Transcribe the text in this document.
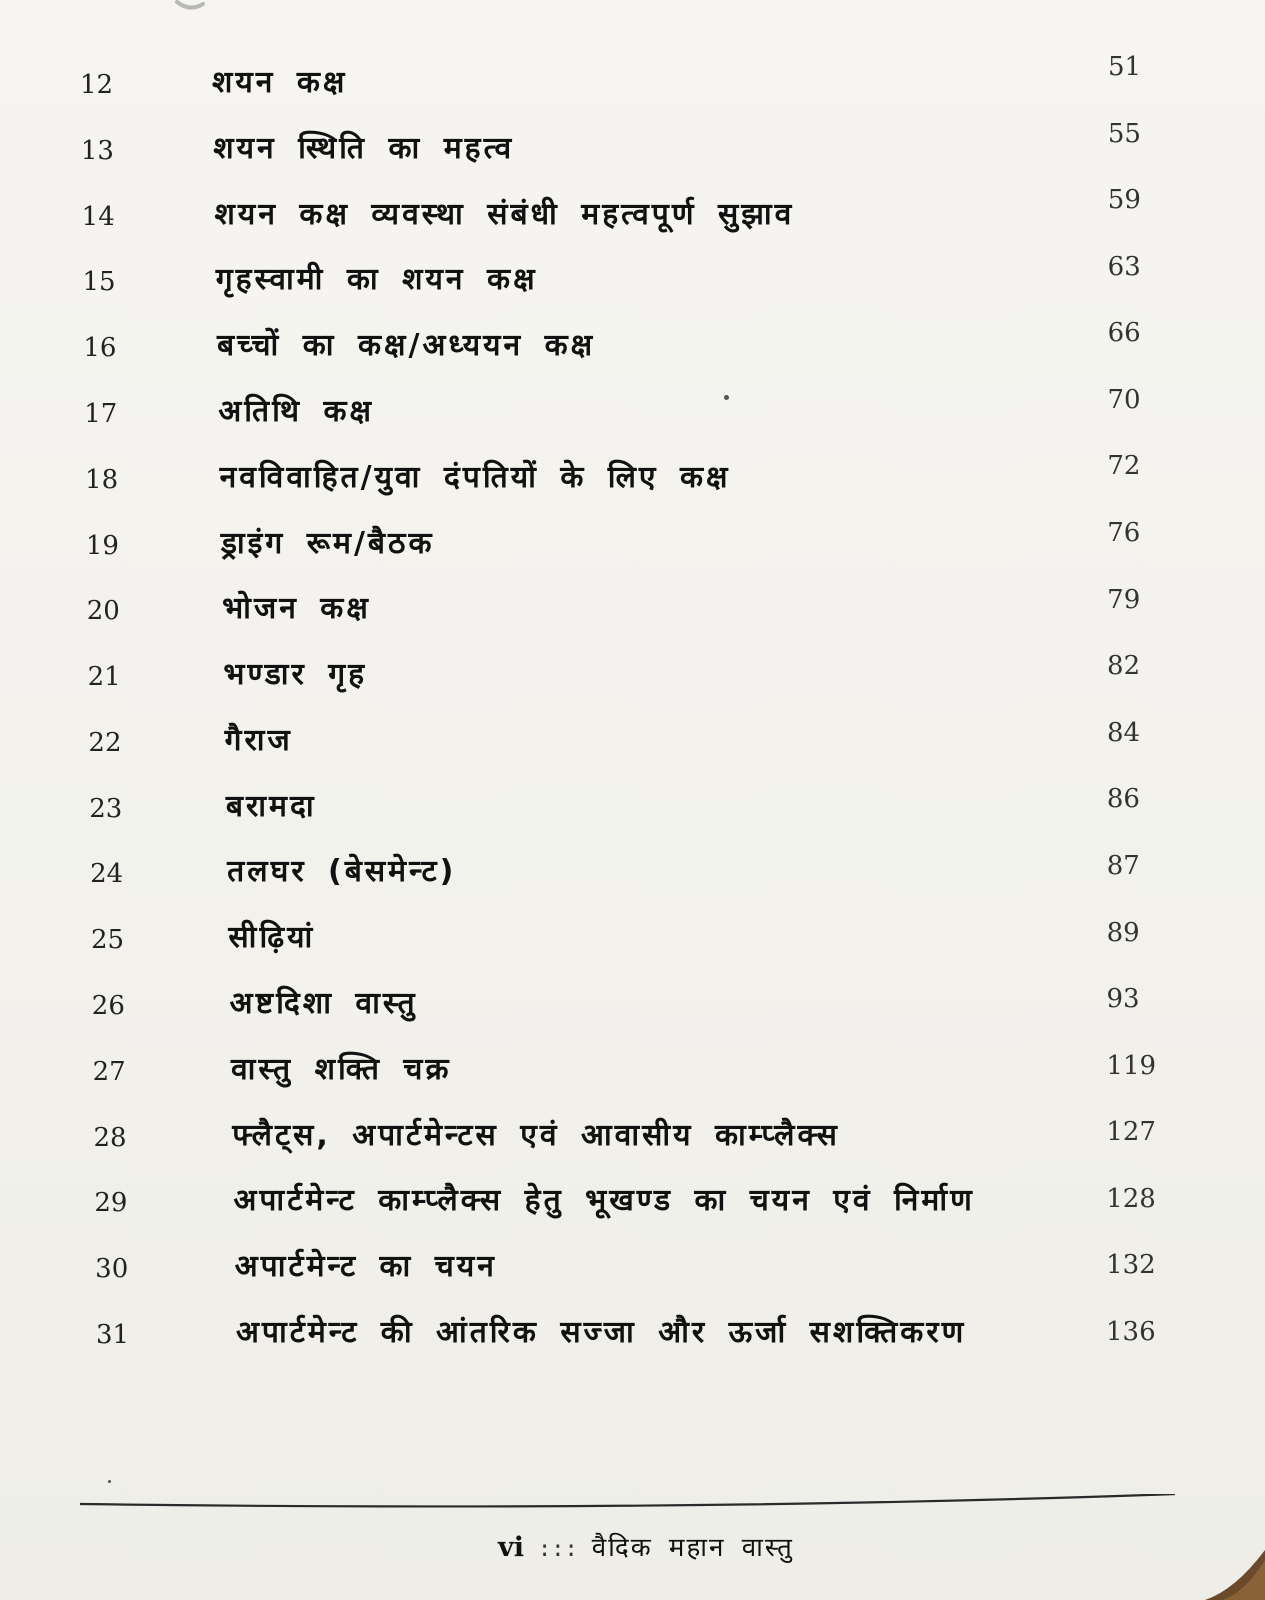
12	शयन कक्ष	51
13	शयन स्थिति का महत्व	55
14	शयन कक्ष व्यवस्था संबंधी महत्वपूर्ण सुझाव	59
15	गृहस्वामी का शयन कक्ष	63
16	बच्चों का कक्ष/अध्ययन कक्ष	66
17	अतिथि कक्ष	70
18	नवविवाहित/युवा दंपतियों के लिए कक्ष	72
19	ड्राइंग रूम/बैठक	76
20	भोजन कक्ष	79
21	भण्डार गृह	82
22	गैराज	84
23	बरामदा	86
24	तलघर (बेसमेन्ट)	87
25	सीढ़ियां	89
26	अष्टदिशा वास्तु	93
27	वास्तु शक्ति चक्र	119
28	फ्लैट्स, अपार्टमेन्टस एवं आवासीय काम्प्लैक्स	127
29	अपार्टमेन्ट काम्प्लैक्स हेतु भूखण्ड का चयन एवं निर्माण	128
30	अपार्टमेन्ट का चयन	132
31	अपार्टमेन्ट की आंतरिक सज्जा और ऊर्जा सशक्तिकरण	136
vi ::: वैदिक महान वास्तु
